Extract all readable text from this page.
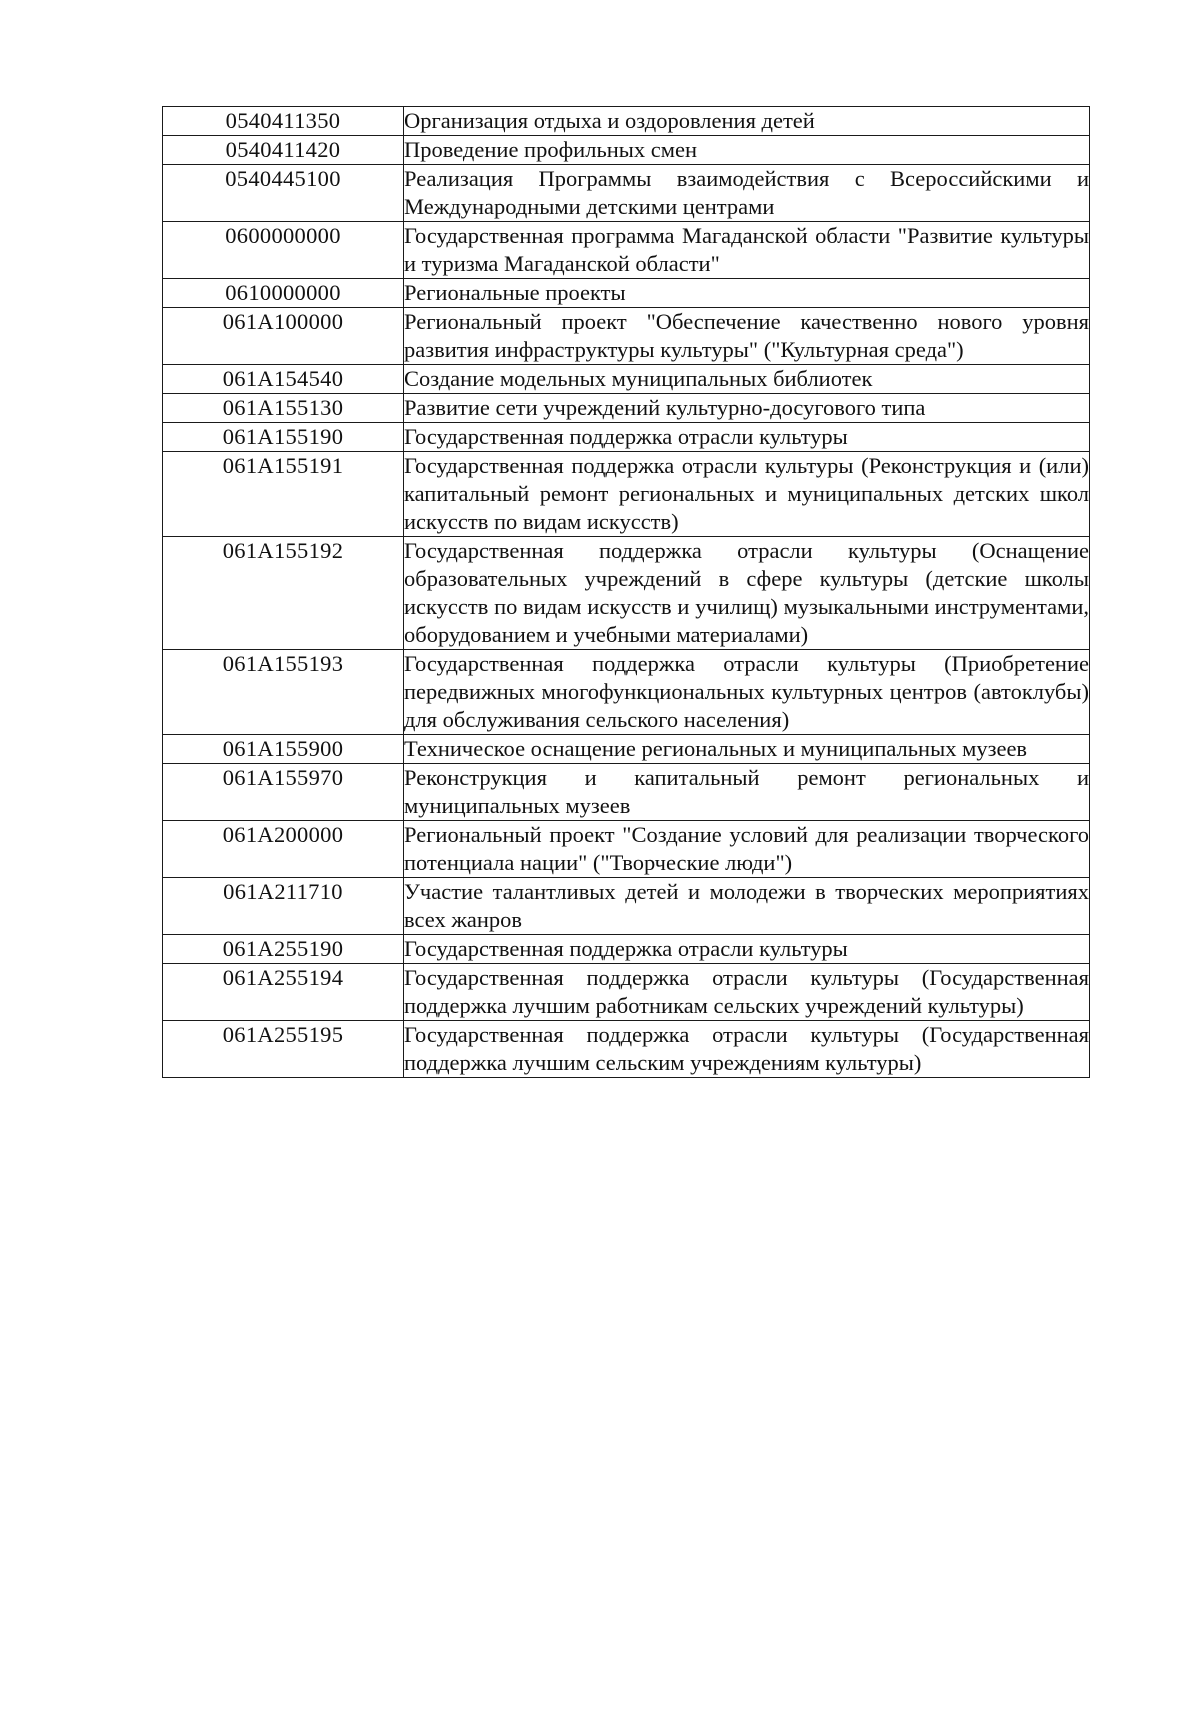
0540411350	Организация отдыха и оздоровления детей
0540411420	Проведение профильных смен
0540445100	Реализация Программы взаимодействия с Всероссийскими и Международными детскими центрами
0600000000	Государственная программа Магаданской области "Развитие культуры и туризма Магаданской области"
0610000000	Региональные проекты
061A100000	Региональный проект "Обеспечение качественно нового уровня развития инфраструктуры культуры" ("Культурная среда")
061A154540	Создание модельных муниципальных библиотек
061A155130	Развитие сети учреждений культурно-досугового типа
061A155190	Государственная поддержка отрасли культуры
061A155191	Государственная поддержка отрасли культуры (Реконструкция и (или) капитальный ремонт региональных и муниципальных детских школ искусств по видам искусств)
061A155192	Государственная поддержка отрасли культуры (Оснащение образовательных учреждений в сфере культуры (детские школы искусств по видам искусств и училищ) музыкальными инструментами, оборудованием и учебными материалами)
061A155193	Государственная поддержка отрасли культуры (Приобретение передвижных многофункциональных культурных центров (автоклубы) для обслуживания сельского населения)
061A155900	Техническое оснащение региональных и муниципальных музеев
061A155970	Реконструкция и капитальный ремонт региональных и муниципальных музеев
061A200000	Региональный проект "Создание условий для реализации творческого потенциала нации" ("Творческие люди")
061A211710	Участие талантливых детей и молодежи в творческих мероприятиях всех жанров
061A255190	Государственная поддержка отрасли культуры
061A255194	Государственная поддержка отрасли культуры (Государственная поддержка лучшим работникам сельских учреждений культуры)
061A255195	Государственная поддержка отрасли культуры (Государственная поддержка лучшим сельским учреждениям культуры)
